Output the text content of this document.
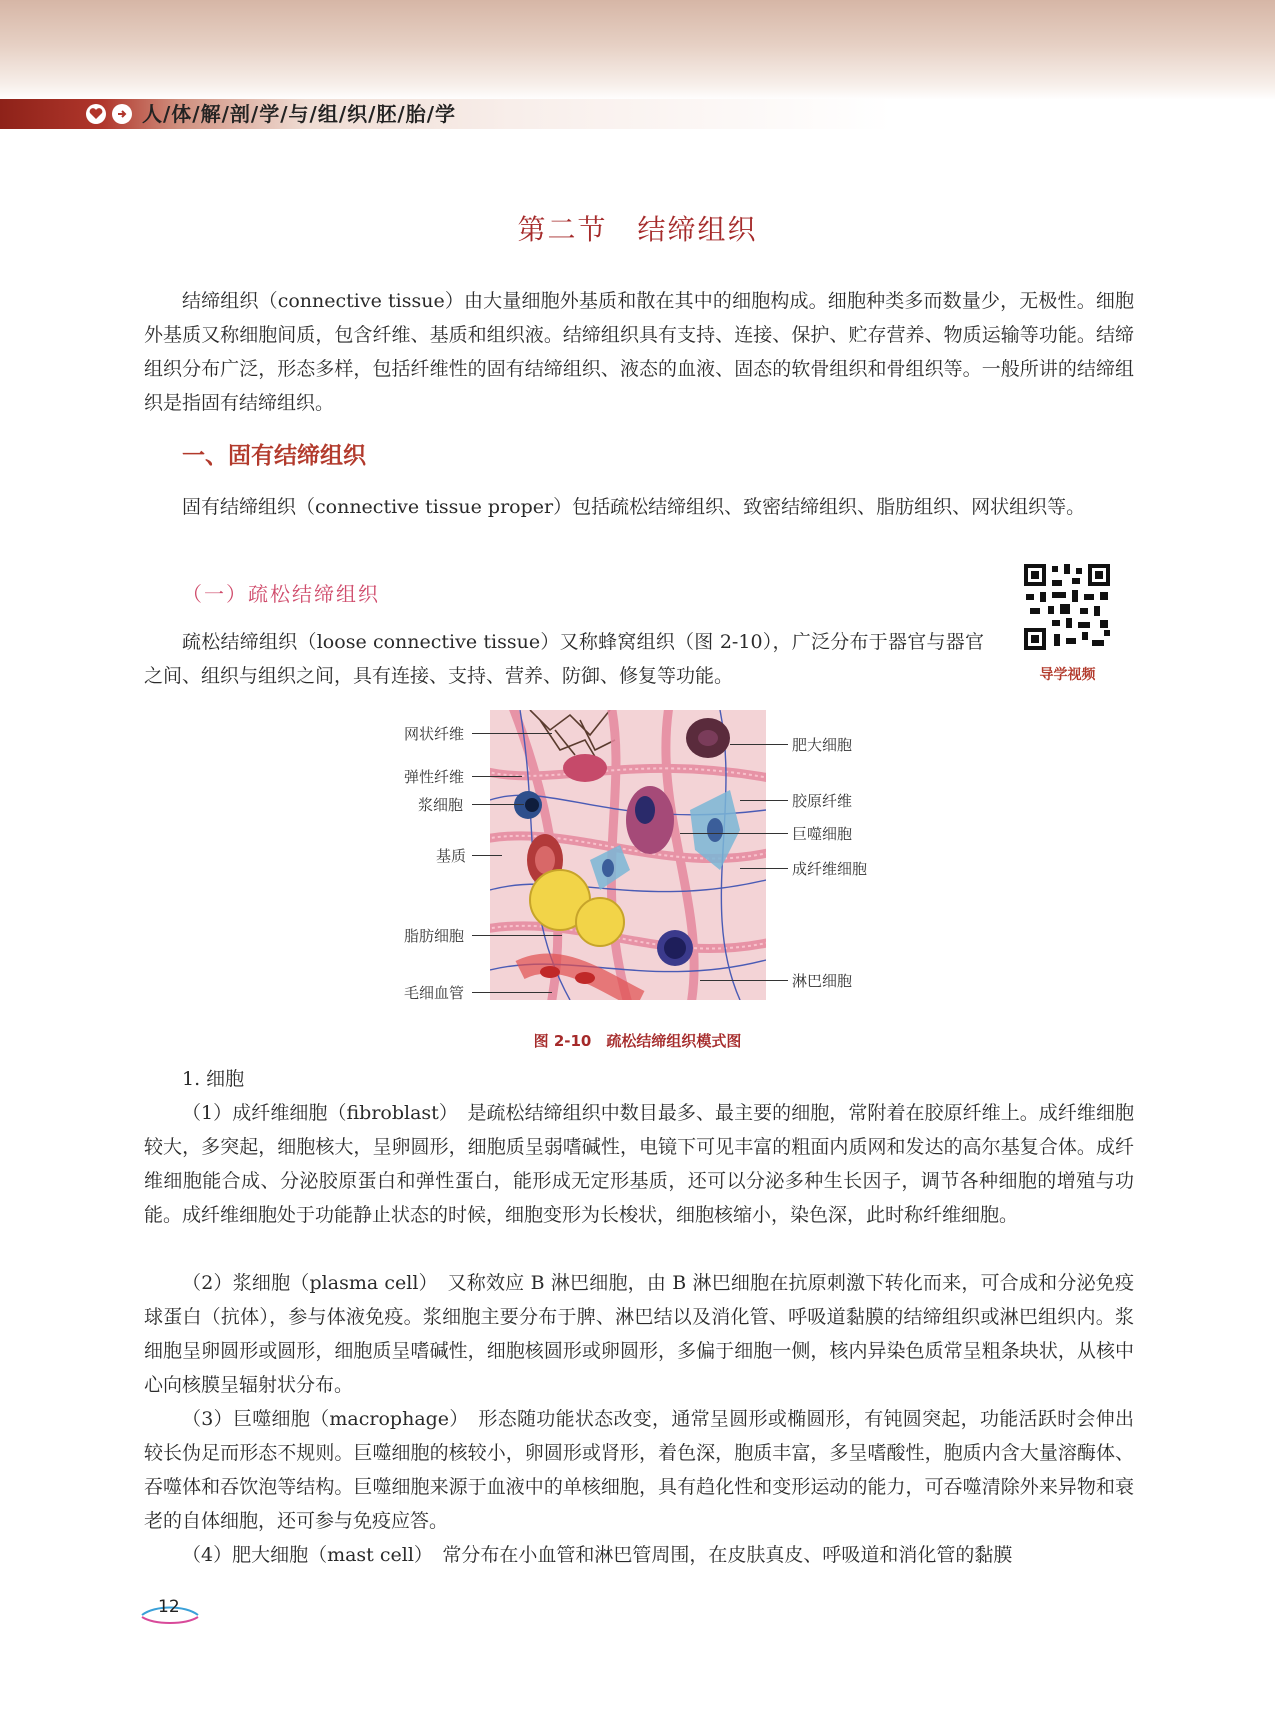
人/体/解/剖/学/与/组/织/胚/胎/学
第二节　结缔组织

结缔组织（connective tissue）由大量细胞外基质和散在其中的细胞构成。细胞种类多而数量少，无极性。细胞外基质又称细胞间质，包含纤维、基质和组织液。结缔组织具有支持、连接、保护、贮存营养、物质运输等功能。结缔组织分布广泛，形态多样，包括纤维性的固有结缔组织、液态的血液、固态的软骨组织和骨组织等。一般所讲的结缔组织是指固有结缔组织。

一、固有结缔组织

固有结缔组织（connective tissue proper）包括疏松结缔组织、致密结缔组织、脂肪组织、网状组织等。

（一）疏松结缔组织

疏松结缔组织（loose connective tissue）又称蜂窝组织（图 2-10），广泛分布于器官与器官之间、组织与组织之间，具有连接、支持、营养、防御、修复等功能。	导学视频
网状纤维
弹性纤维
浆细胞
基质
脂肪细胞
毛细血管
肥大细胞
胶原纤维
巨噬细胞
成纤维细胞
淋巴细胞
图 2-10　疏松结缔组织模式图

1. 细胞

（1）成纤维细胞（fibroblast）　是疏松结缔组织中数目最多、最主要的细胞，常附着在胶原纤维上。成纤维细胞较大，多突起，细胞核大，呈卵圆形，细胞质呈弱嗜碱性，电镜下可见丰富的粗面内质网和发达的高尔基复合体。成纤维细胞能合成、分泌胶原蛋白和弹性蛋白，能形成无定形基质，还可以分泌多种生长因子，调节各种细胞的增殖与功能。成纤维细胞处于功能静止状态的时候，细胞变形为长梭状，细胞核缩小，染色深，此时称纤维细胞。

（2）浆细胞（plasma cell）　又称效应 B 淋巴细胞，由 B 淋巴细胞在抗原刺激下转化而来，可合成和分泌免疫球蛋白（抗体），参与体液免疫。浆细胞主要分布于脾、淋巴结以及消化管、呼吸道黏膜的结缔组织或淋巴组织内。浆细胞呈卵圆形或圆形，细胞质呈嗜碱性，细胞核圆形或卵圆形，多偏于细胞一侧，核内异染色质常呈粗条块状，从核中心向核膜呈辐射状分布。

（3）巨噬细胞（macrophage）　形态随功能状态改变，通常呈圆形或椭圆形，有钝圆突起，功能活跃时会伸出较长伪足而形态不规则。巨噬细胞的核较小，卵圆形或肾形，着色深，胞质丰富，多呈嗜酸性，胞质内含大量溶酶体、吞噬体和吞饮泡等结构。巨噬细胞来源于血液中的单核细胞，具有趋化性和变形运动的能力，可吞噬清除外来异物和衰老的自体细胞，还可参与免疫应答。

（4）肥大细胞（mast cell）　常分布在小血管和淋巴管周围，在皮肤真皮、呼吸道和消化管的黏膜

12
